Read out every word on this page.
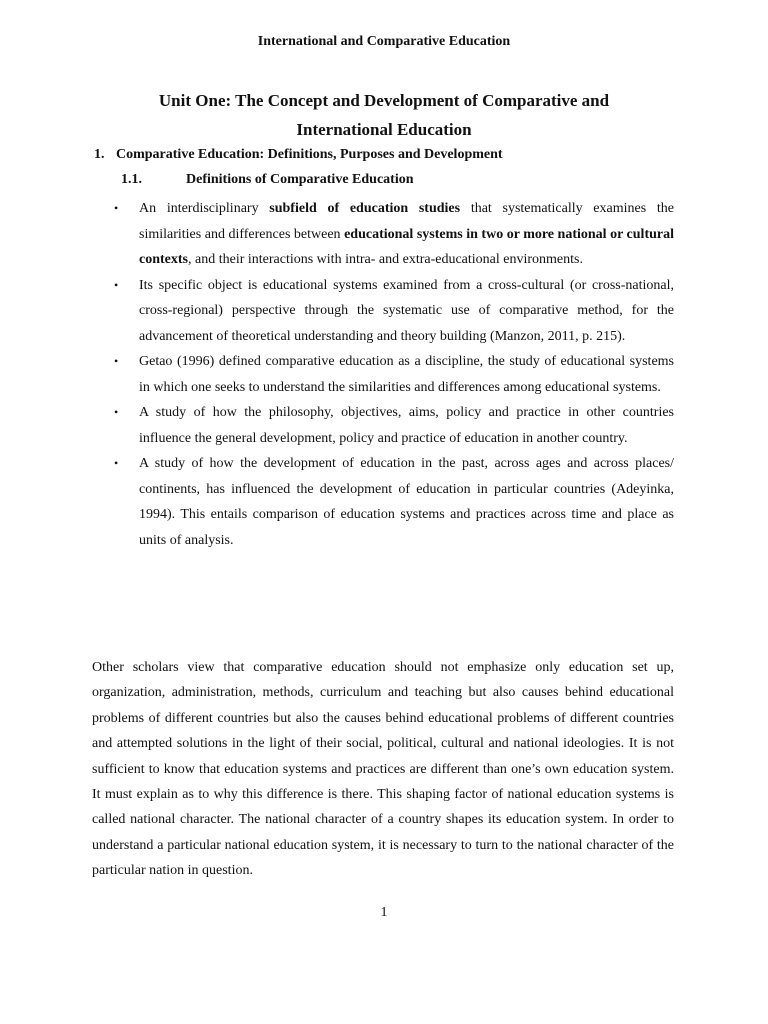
International and Comparative Education
Unit One: The Concept and Development of Comparative and
International Education
1. Comparative Education: Definitions, Purposes and Development
1.1.	Definitions of Comparative Education
• An interdisciplinary subfield of education studies that systematically examines the similarities and differences between educational systems in two or more national or cultural contexts, and their interactions with intra- and extra-educational environments.

• Its specific object is educational systems examined from a cross-cultural (or cross-national, cross-regional) perspective through the systematic use of comparative method, for the advancement of theoretical understanding and theory building (Manzon, 2011, p. 215).

• Getao (1996) defined comparative education as a discipline, the study of educational systems in which one seeks to understand the similarities and differences among educational systems.

• A study of how the philosophy, objectives, aims, policy and practice in other countries influence the general development, policy and practice of education in another country.

• A study of how the development of education in the past, across ages and across places/ continents, has influenced the development of education in particular countries (Adeyinka, 1994). This entails comparison of education systems and practices across time and place as units of analysis.

Other scholars view that comparative education should not emphasize only education set up, organization, administration, methods, curriculum and teaching but also causes behind educational problems of different countries but also the causes behind educational problems of different countries and attempted solutions in the light of their social, political, cultural and national ideologies. It is not sufficient to know that education systems and practices are different than one’s own education system. It must explain as to why this difference is there. This shaping factor of national education systems is called national character. The national character of a country shapes its education system. In order to understand a particular national education system, it is necessary to turn to the national character of the particular nation in question.

1
